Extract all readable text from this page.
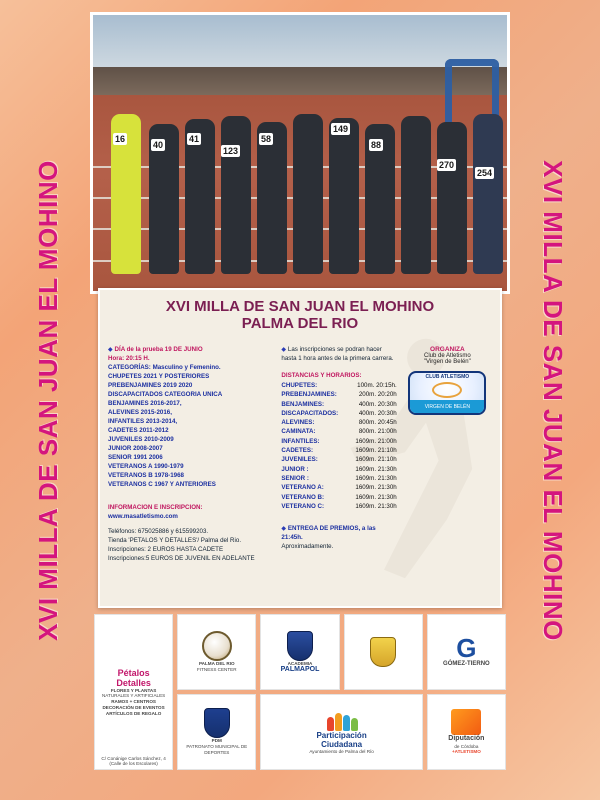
XVI MILLA DE SAN JUAN EL MOHINO	XVI MILLA DE SAN JUAN EL MOHINO
16
40
41
123
58
149
88
270
254
XVI MILLA DE SAN JUAN EL MOHINO
PALMA DEL RIO
◆ DÍA de la prueba 19 DE JUNIO
Hora: 20:15 H.
CATEGORÍAS: Masculino y Femenino.
CHUPETES 2021 Y POSTERIORES
PREBENJAMINES 2019 2020
DISCAPACITADOS CATEGORIA UNICA
BENJAMINES 2016-2017,
ALEVINES 2015-2016,
INFANTILES 2013-2014,
CADETES 2011-2012
JUVENILES 2010-2009
JUNIOR 2008-2007
SENIOR 1991 2006
VETERANOS A 1990-1979
VETERANOS B 1978-1968
VETERANOS C 1967 Y ANTERIORES
INFORMACION E INSCRIPCION:
www.masatletismo.com
Teléfonos: 675025886 y 615599203.
Tienda 'PETALOS Y DETALLES'/ Palma del Rio.
Inscripciones: 2 EUROS HASTA CADETE
Inscripciones:5 EUROS DE JUVENIL EN ADELANTE
◆ Las inscripciones se podran hacer hasta 1 hora antes de la primera carrera.
DISTANCIAS Y HORARIOS:
CHUPETES:	100m. 20:15h.
PREBENJAMINES:	200m. 20:20h
BENJAMINES:	400m. 20:30h
DISCAPACITADOS:	400m. 20:30h
ALEVINES:	800m. 20:45h
CAMINATA:	800m. 21:00h
INFANTILES:	1609m. 21:00h
CADETES:	1609m. 21:10h
JUVENILES:	1609m. 21:10h
JUNIOR :	1609m. 21:30h
SENIOR :	1609m. 21:30h
VETERANO A:	1609m. 21:30h
VETERANO B:	1609m. 21:30h
VETERANO C:	1609m. 21:30h
◆ ENTREGA DE PREMIOS, a las 21:45h.
Aproximadamente.
ORGANIZA
Club de Atletismo
"Virgen de Belén"
CLUB ATLETISMO
VIRGEN DE BELÉN
Pétalos
Detalles
FLORES Y PLANTAS
NATURALES Y ARTIFICIALES
RAMOS + CENTROS
DECORACIÓN DE EVENTOS
ARTÍCULOS DE REGALO
C/ Conánige Carlos Sánchez, 4 (Calle de los Escolares)
PALMA DEL RIO
FITNESS CENTER
ACADEMIA
PALMAPOL
G
GÓMEZ-TIERNO
PDM
PATRONATO MUNICIPAL DE DEPORTES
Participación
Ciudadana
Ayuntamiento de Palma del Río
Diputación
de Córdoba
+ATLETISMO
